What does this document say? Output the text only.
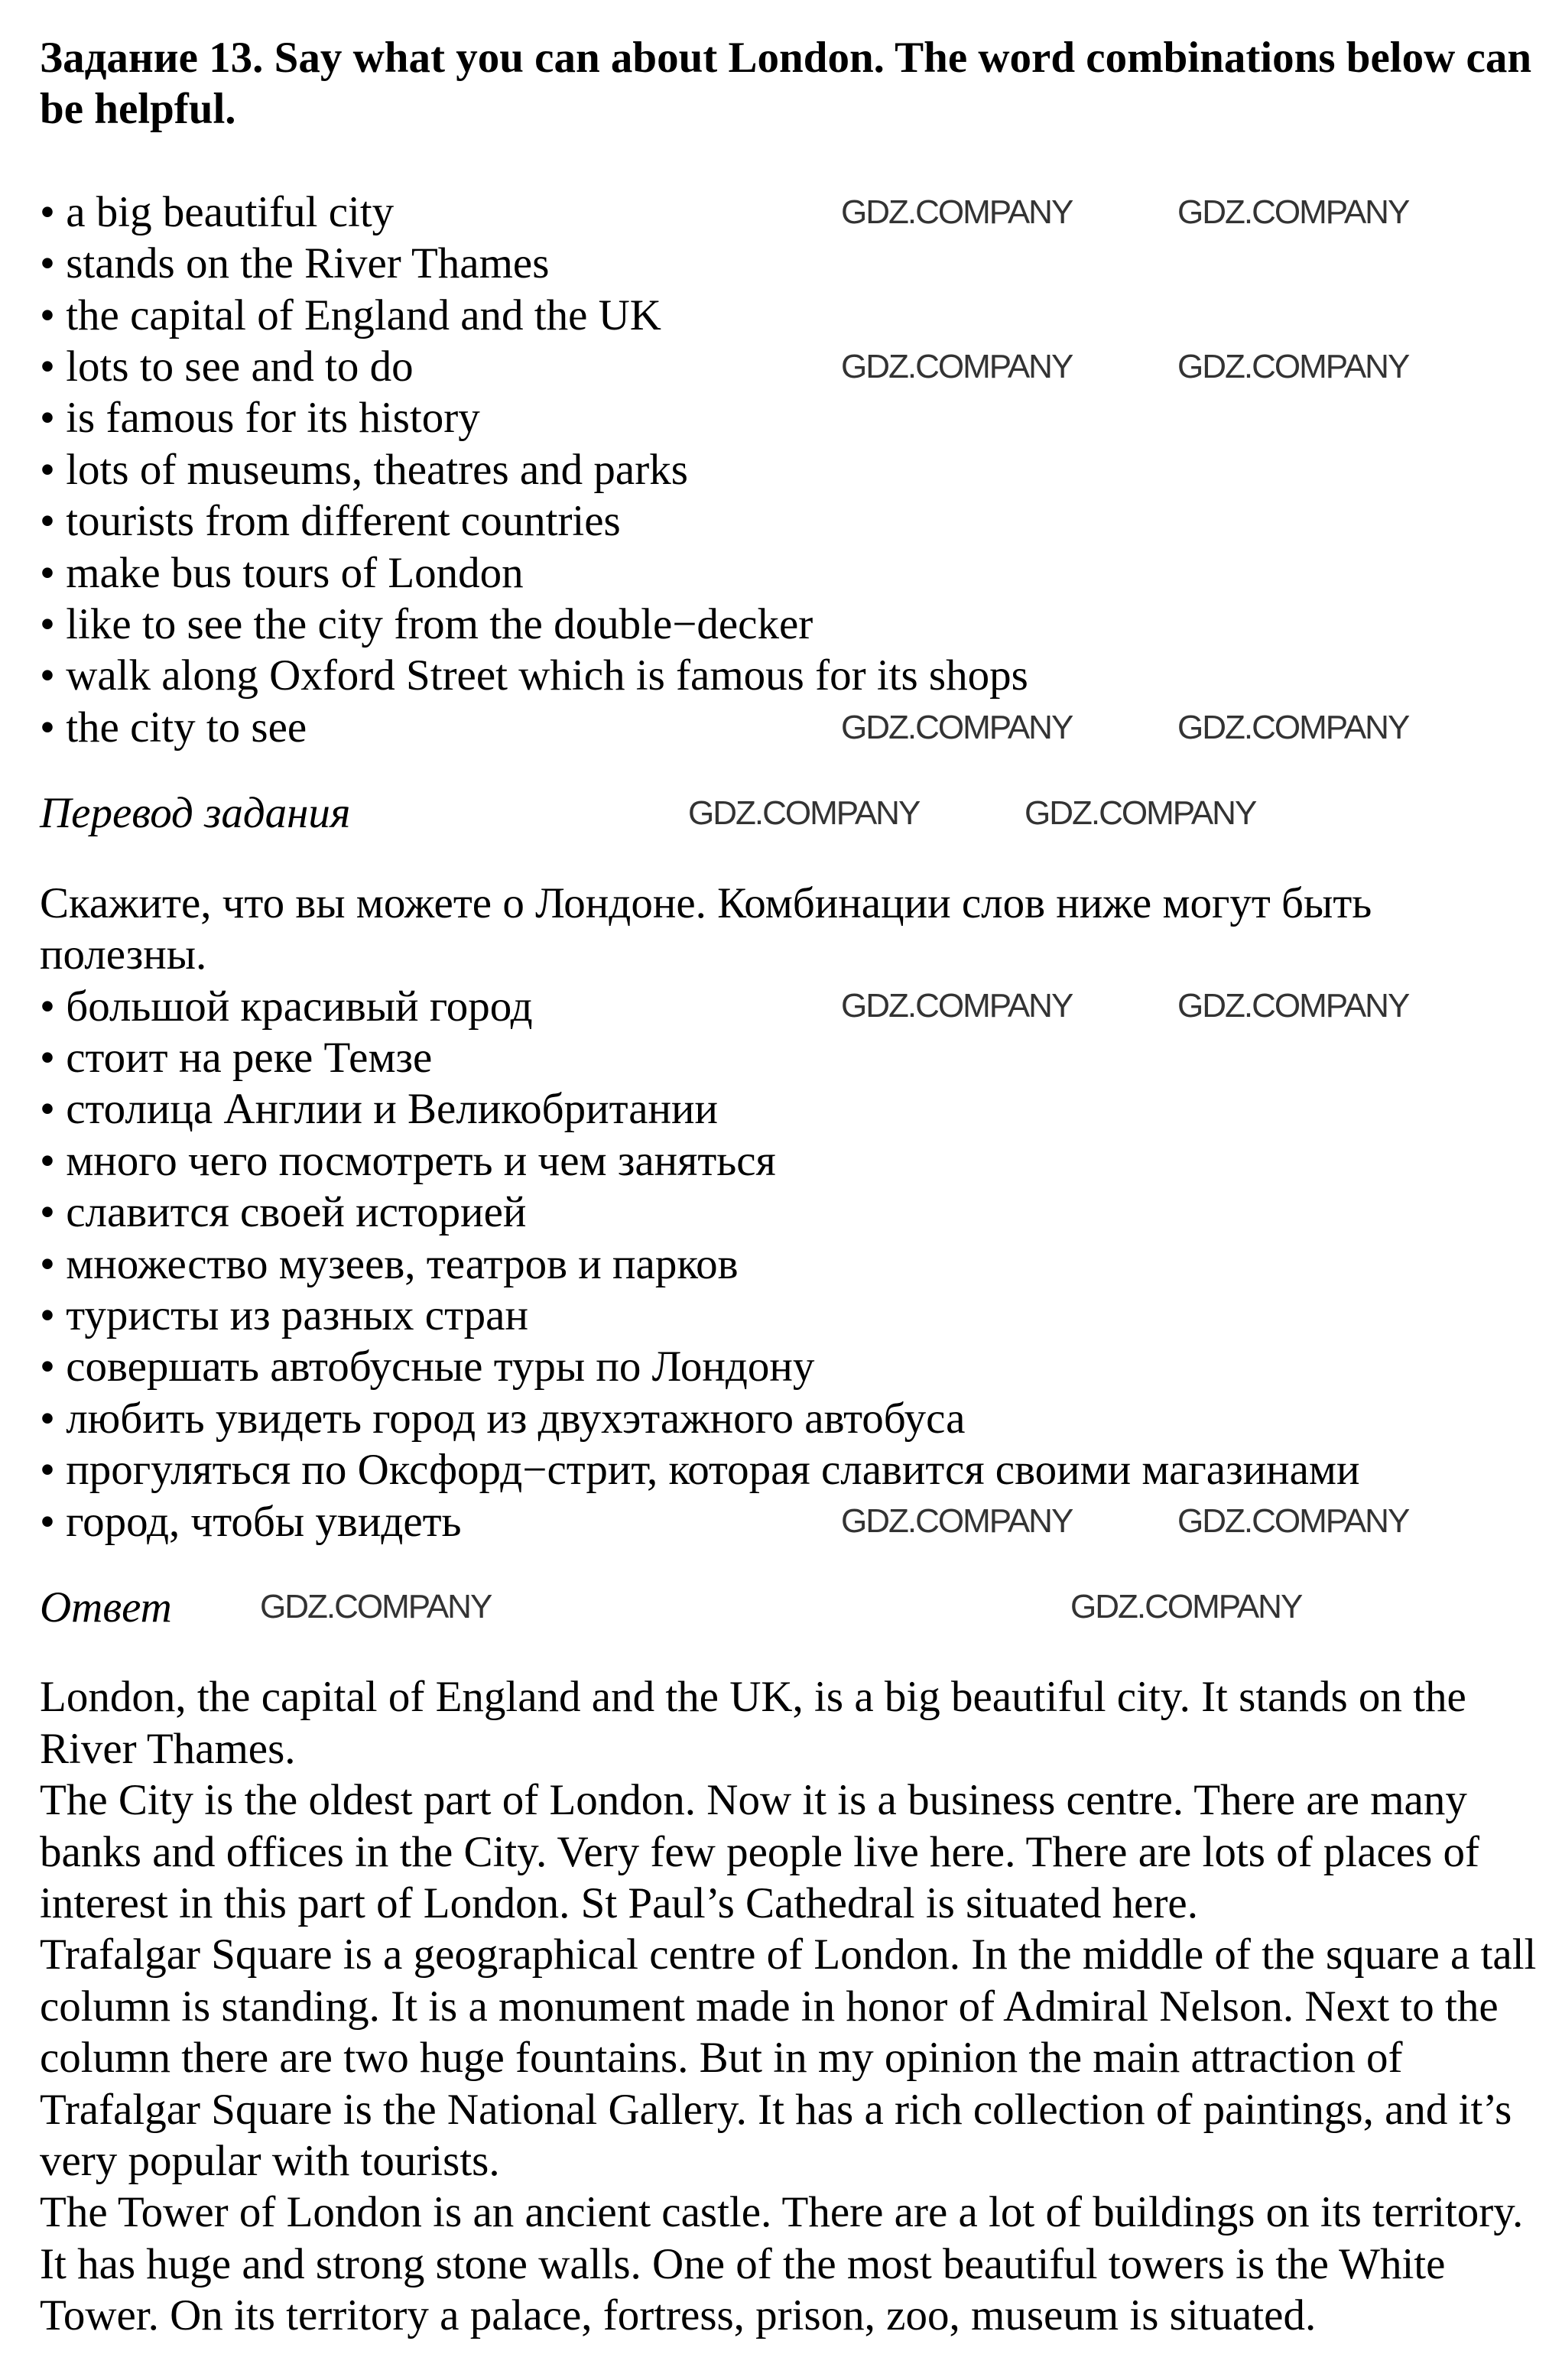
Задание 13. Say what you can about London. The word combinations below can be helpful.

• a big beautiful city
• stands on the River Thames
• the capital of England and the UK
• lots to see and to do
• is famous for its history
• lots of museums, theatres and parks
• tourists from different countries
• make bus tours of London
• like to see the city from the double−decker
• walk along Oxford Street which is famous for its shops
• the city to see

Перевод задания

Скажите, что вы можете о Лондоне. Комбинации слов ниже могут быть полезны.

• большой красивый город
• стоит на реке Темзе
• столица Англии и Великобритании
• много чего посмотреть и чем заняться
• славится своей историей
• множество музеев, театров и парков
• туристы из разных стран
• совершать автобусные туры по Лондону
• любить увидеть город из двухэтажного автобуса
• прогуляться по Оксфорд−стрит, которая славится своими магазинами
• город, чтобы увидеть

Ответ

London, the capital of England and the UK, is a big beautiful city. It stands on the River Thames.

The City is the oldest part of London. Now it is a business centre. There are many banks and offices in the City. Very few people live here. There are lots of places of interest in this part of London. St Paul’s Cathedral is situated here.

Trafalgar Square is a geographical centre of London. In the middle of the square a tall column is standing. It is a monument made in honor of Admiral Nelson. Next to the column there are two huge fountains. But in my opinion the main attraction of Trafalgar Square is the National Gallery. It has a rich collection of paintings, and it’s very popular with tourists.

The Tower of London is an ancient castle. There are a lot of buildings on its territory. It has huge and strong stone walls. One of the most beautiful towers is the White Tower. On its territory a palace, fortress, prison, zoo, museum is situated.

GDZ.COMPANY	GDZ.COMPANY
GDZ.COMPANY	GDZ.COMPANY
GDZ.COMPANY	GDZ.COMPANY
GDZ.COMPANY	GDZ.COMPANY
GDZ.COMPANY	GDZ.COMPANY
GDZ.COMPANY	GDZ.COMPANY
GDZ.COMPANY	GDZ.COMPANY
